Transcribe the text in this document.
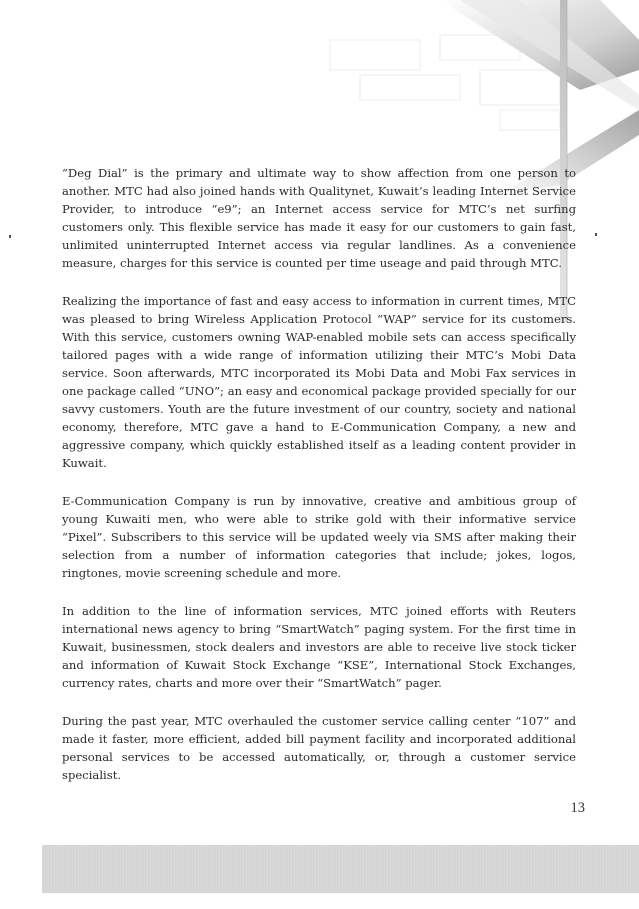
“Deg Dial” is the primary and ultimate way to show affection from one person to another. MTC had also joined hands with Qualitynet, Kuwait’s leading Internet Service Provider, to introduce “e9”; an Internet access service for MTC’s net surfing customers only. This flexible service has made it easy for our customers to gain fast, unlimited uninterrupted Internet access via regular landlines. As a convenience measure, charges for this service is counted per time useage and paid through MTC.

Realizing the importance of fast and easy access to information in current times, MTC was pleased to bring Wireless Application Protocol “WAP” service for its customers. With this service, customers owning WAP-enabled mobile sets can access specifically tailored pages with a wide range of information utilizing their MTC’s Mobi Data service. Soon afterwards, MTC incorporated its Mobi Data and Mobi Fax services in one package called “UNO”; an easy and economical package provided specially for our savvy customers. Youth are the future investment of our country, society and national economy, therefore, MTC gave a hand to E-Communication Company, a new and aggressive company, which quickly established itself as a leading content provider in Kuwait.

E-Communication Company is run by innovative, creative and ambitious group of young Kuwaiti men, who were able to strike gold with their informative service “Pixel”. Subscribers to this service will be updated weely via SMS after making their selection from a number of information categories that include; jokes, logos, ringtones, movie screening schedule and more.

In addition to the line of information services, MTC joined efforts with Reuters international news agency to bring “SmartWatch” paging system. For the first time in Kuwait, businessmen, stock dealers and investors are able to receive live stock ticker and information of Kuwait Stock Exchange “KSE”, International Stock Exchanges, currency rates, charts and more over their “SmartWatch” pager.

During the past year, MTC overhauled the customer service calling center “107” and made it faster, more efficient, added bill payment facility and incorporated additional personal services to be accessed automatically, or, through a customer service specialist.

13
